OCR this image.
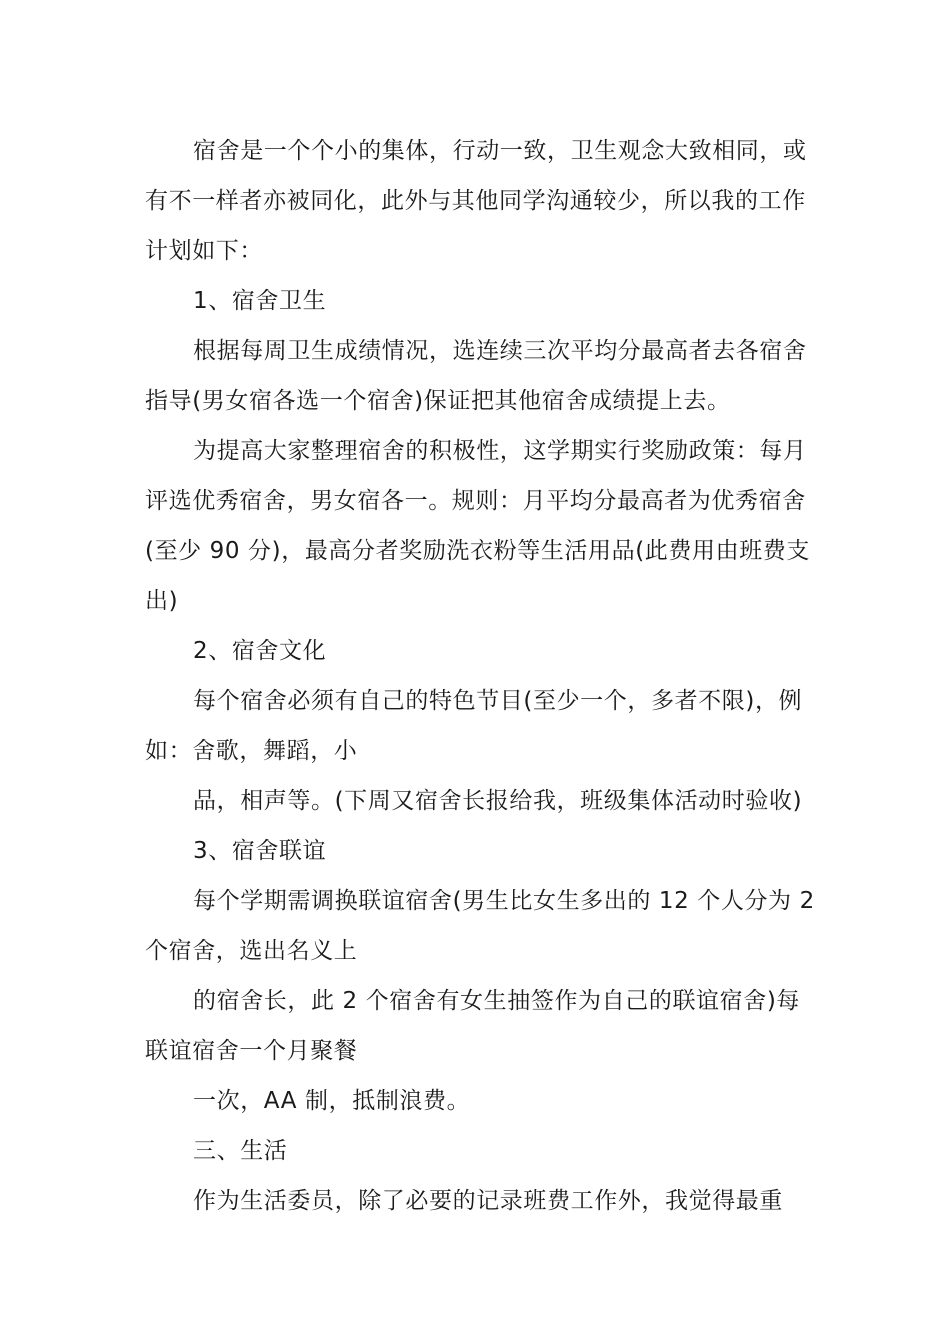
宿舍是一个个小的集体，行动一致，卫生观念大致相同，或有不一样者亦被同化，此外与其他同学沟通较少，所以我的工作计划如下：

1、宿舍卫生

根据每周卫生成绩情况，选连续三次平均分最高者去各宿舍指导(男女宿各选一个宿舍)保证把其他宿舍成绩提上去。

为提高大家整理宿舍的积极性，这学期实行奖励政策：每月评选优秀宿舍，男女宿各一。规则：月平均分最高者为优秀宿舍(至少 90 分)，最高分者奖励洗衣粉等生活用品(此费用由班费支出)

2、宿舍文化

每个宿舍必须有自己的特色节目(至少一个，多者不限)，例如：舍歌，舞蹈，小

品，相声等。(下周又宿舍长报给我，班级集体活动时验收)

3、宿舍联谊

每个学期需调换联谊宿舍(男生比女生多出的 12 个人分为 2 个宿舍，选出名义上

的宿舍长，此 2 个宿舍有女生抽签作为自己的联谊宿舍)每联谊宿舍一个月聚餐

一次，AA 制，抵制浪费。

三、生活

作为生活委员，除了必要的记录班费工作外，我觉得最重
